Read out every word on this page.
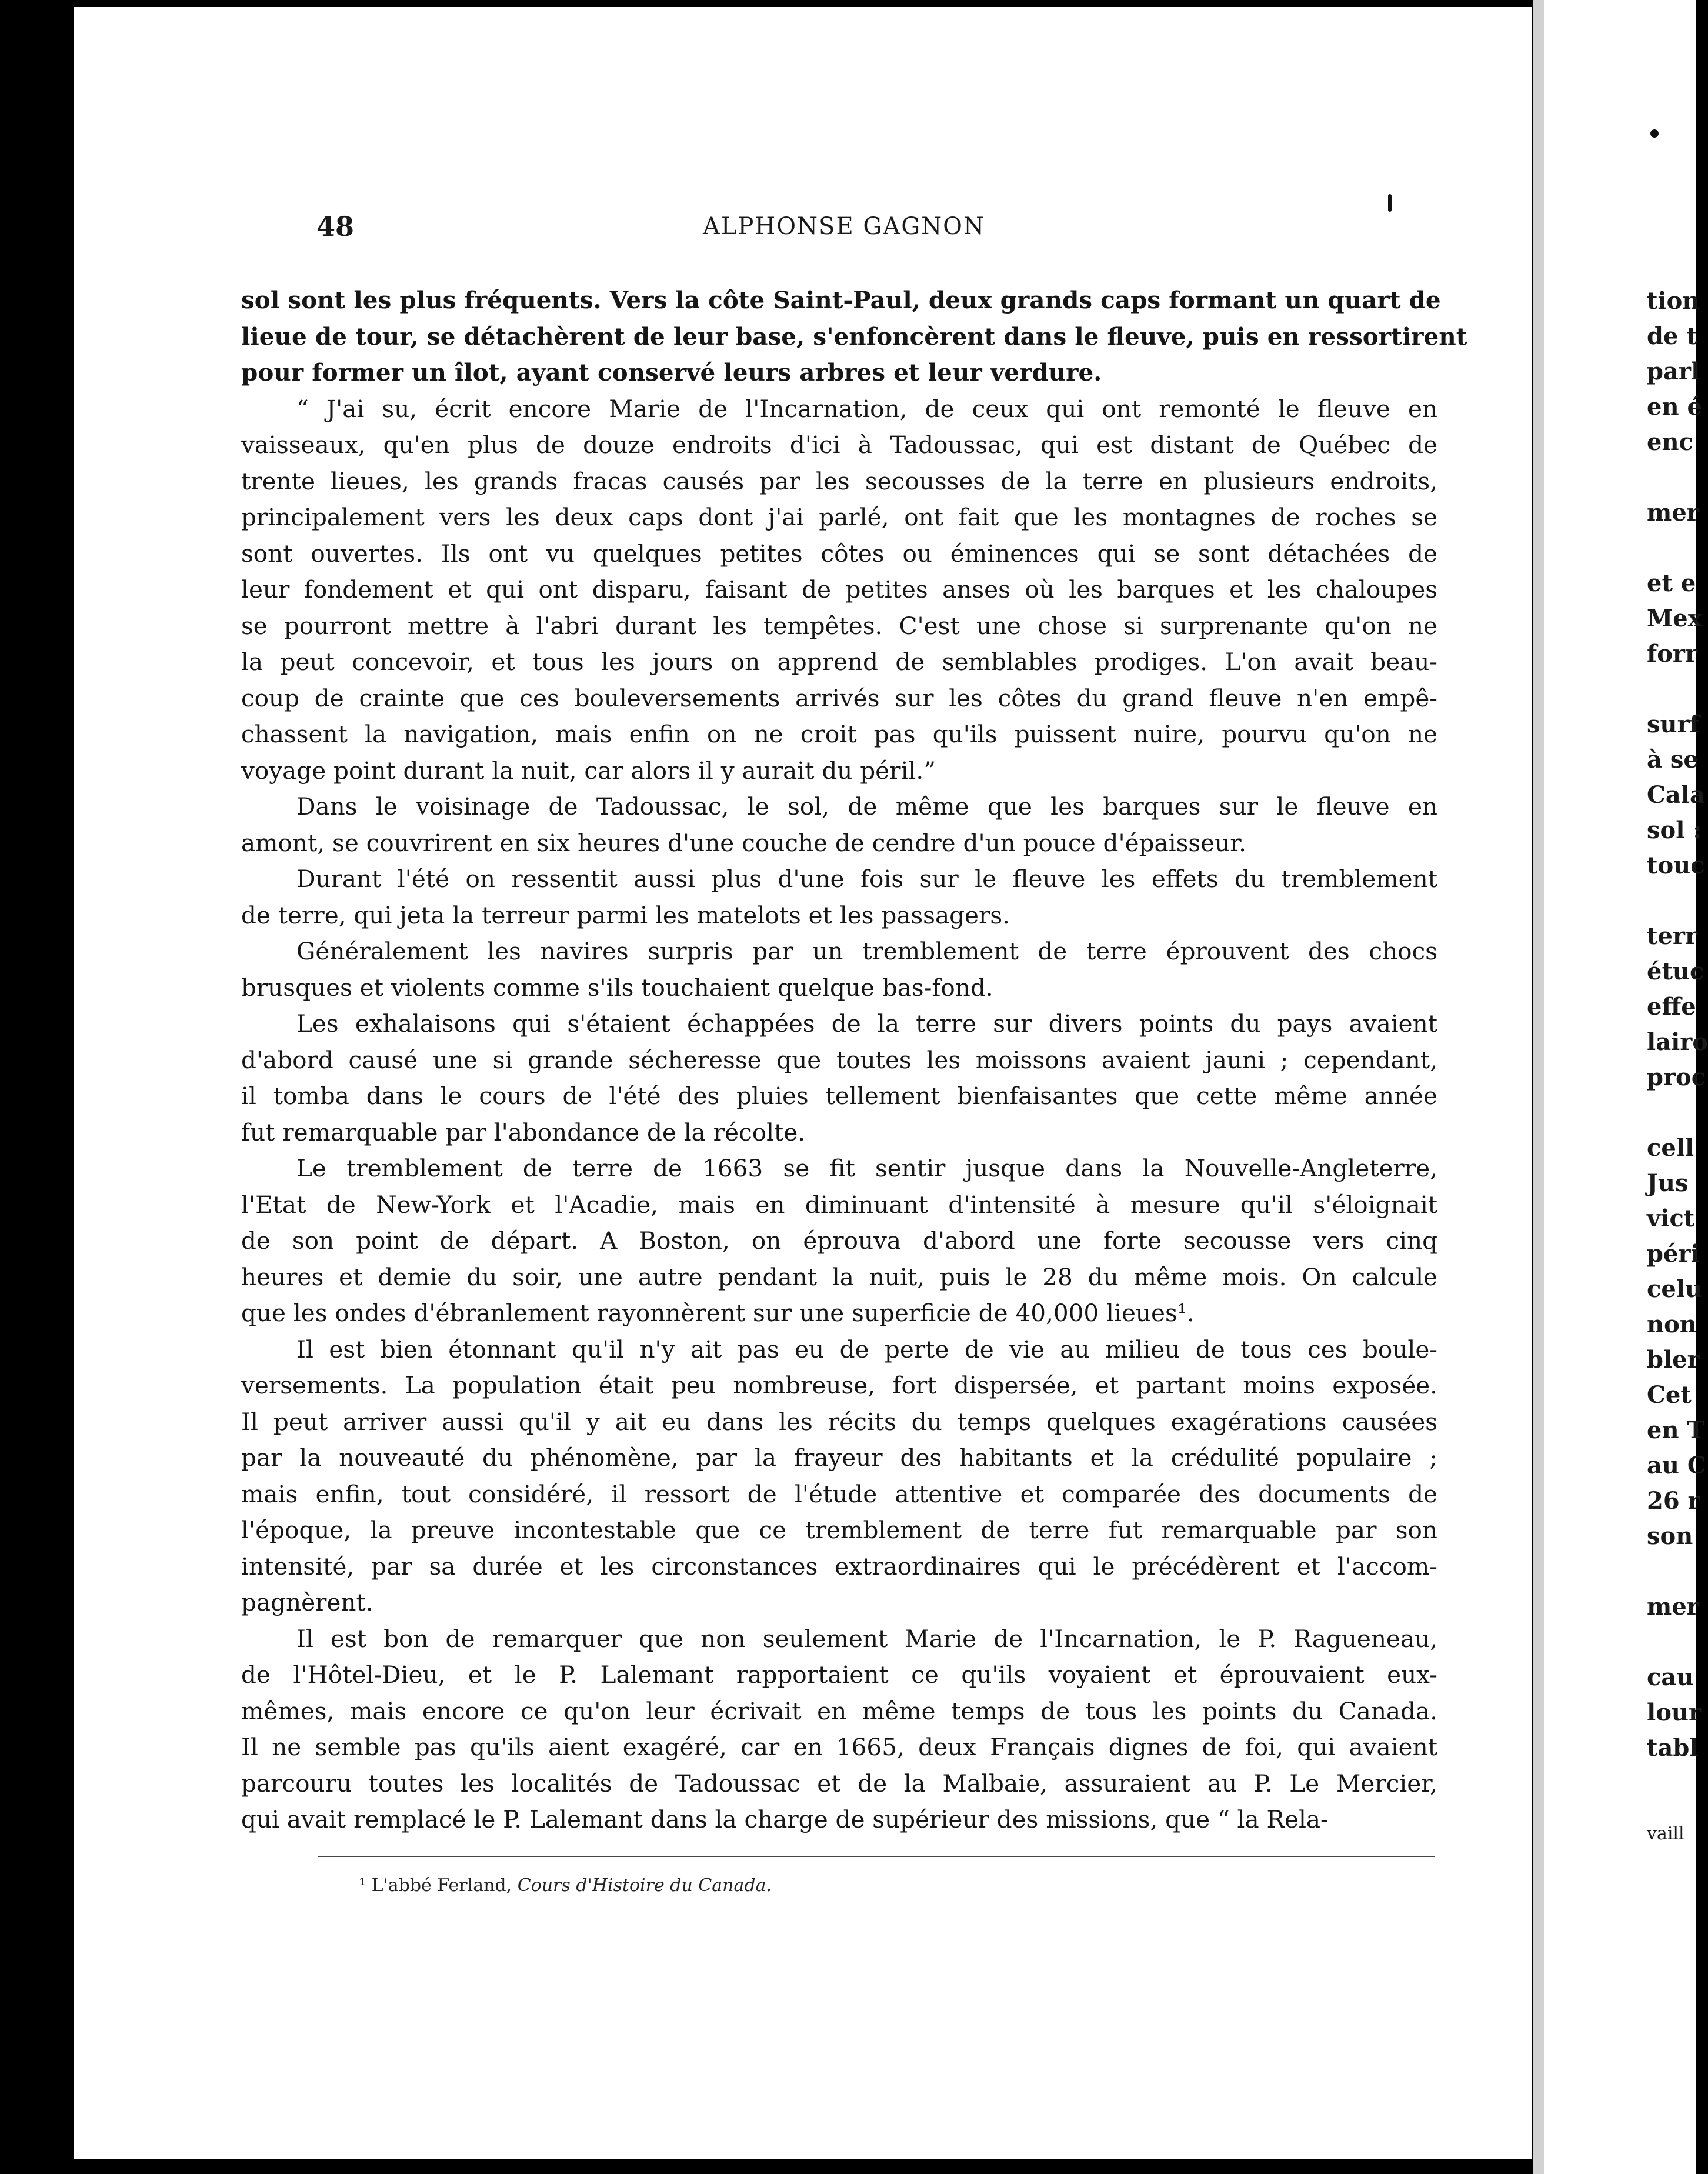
48	ALPHONSE GAGNON
sol sont les plus fréquents. Vers la côte Saint-Paul, deux grands caps formant un quart de
lieue de tour, se détachèrent de leur base, s'enfoncèrent dans le fleuve, puis en ressortirent
pour former un îlot, ayant conservé leurs arbres et leur verdure.
“ J'ai su, écrit encore Marie de l'Incarnation, de ceux qui ont remonté le fleuve en
vaisseaux, qu'en plus de douze endroits d'ici à Tadoussac, qui est distant de Québec de
trente lieues, les grands fracas causés par les secousses de la terre en plusieurs endroits,
principalement vers les deux caps dont j'ai parlé, ont fait que les montagnes de roches se
sont ouvertes. Ils ont vu quelques petites côtes ou éminences qui se sont détachées de
leur fondement et qui ont disparu, faisant de petites anses où les barques et les chaloupes
se pourront mettre à l'abri durant les tempêtes. C'est une chose si surprenante qu'on ne
la peut concevoir, et tous les jours on apprend de semblables prodiges. L'on avait beau-
coup de crainte que ces bouleversements arrivés sur les côtes du grand fleuve n'en empê-
chassent la navigation, mais enfin on ne croit pas qu'ils puissent nuire, pourvu qu'on ne
voyage point durant la nuit, car alors il y aurait du péril.”
Dans le voisinage de Tadoussac, le sol, de même que les barques sur le fleuve en
amont, se couvrirent en six heures d'une couche de cendre d'un pouce d'épaisseur.
Durant l'été on ressentit aussi plus d'une fois sur le fleuve les effets du tremblement
de terre, qui jeta la terreur parmi les matelots et les passagers.
Généralement les navires surpris par un tremblement de terre éprouvent des chocs
brusques et violents comme s'ils touchaient quelque bas-fond.
Les exhalaisons qui s'étaient échappées de la terre sur divers points du pays avaient
d'abord causé une si grande sécheresse que toutes les moissons avaient jauni ; cependant,
il tomba dans le cours de l'été des pluies tellement bienfaisantes que cette même année
fut remarquable par l'abondance de la récolte.
Le tremblement de terre de 1663 se fit sentir jusque dans la Nouvelle-Angleterre,
l'Etat de New-York et l'Acadie, mais en diminuant d'intensité à mesure qu'il s'éloignait
de son point de départ. A Boston, on éprouva d'abord une forte secousse vers cinq
heures et demie du soir, une autre pendant la nuit, puis le 28 du même mois. On calcule
que les ondes d'ébranlement rayonnèrent sur une superficie de 40,000 lieues¹.
Il est bien étonnant qu'il n'y ait pas eu de perte de vie au milieu de tous ces boule-
versements. La population était peu nombreuse, fort dispersée, et partant moins exposée.
Il peut arriver aussi qu'il y ait eu dans les récits du temps quelques exagérations causées
par la nouveauté du phénomène, par la frayeur des habitants et la crédulité populaire ;
mais enfin, tout considéré, il ressort de l'étude attentive et comparée des documents de
l'époque, la preuve incontestable que ce tremblement de terre fut remarquable par son
intensité, par sa durée et les circonstances extraordinaires qui le précédèrent et l'accom-
pagnèrent.
Il est bon de remarquer que non seulement Marie de l'Incarnation, le P. Ragueneau,
de l'Hôtel-Dieu, et le P. Lalemant rapportaient ce qu'ils voyaient et éprouvaient eux-
mêmes, mais encore ce qu'on leur écrivait en même temps de tous les points du Canada.
Il ne semble pas qu'ils aient exagéré, car en 1665, deux Français dignes de foi, qui avaient
parcouru toutes les localités de Tadoussac et de la Malbaie, assuraient au P. Le Mercier,
qui avait remplacé le P. Lalemant dans la charge de supérieur des missions, que “ la Rela-
¹ L'abbé Ferland, Cours d'Histoire du Canada.
tion
de t
parl
en é
enc
mer
et e
Mex
forr
surf
à se
Cala
sol :
touc
terr
étuc
effe
lairo
proc
cell
Jus
vict
péri
celu
non
bler
Cet
en T
au C
26 r
son
mer
cau
lour
tabl
vaill
